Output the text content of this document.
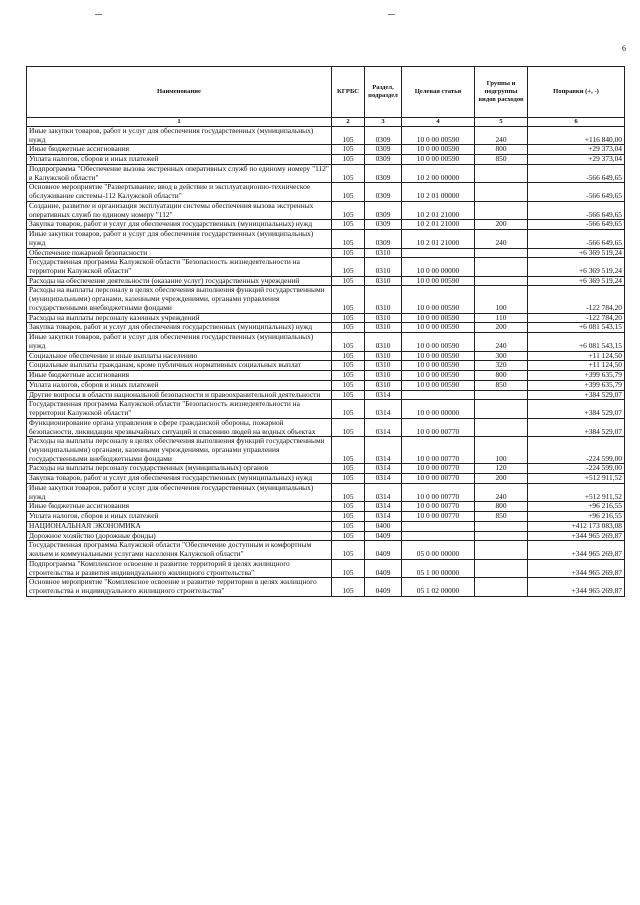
6
Наименование	КГРБС	Раздел, подраздел	Целевая статья	Группы и подгруппы видов расходов	Поправки (+, -)
1	2	3	4	5	6
Иные закупки товаров, работ и услуг для обеспечения государственных (муниципальных) нужд	105	0309	10 0 00 00590	240	+116 840,00
Иные бюджетные ассигнования	105	0309	10 0 00 00590	800	+29 373,04
Уплата налогов, сборов и иных платежей	105	0309	10 0 00 00590	850	+29 373,04
Подпрограмма "Обеспечение вызова экстренных оперативных служб по единому номеру "112" в Калужской области"	105	0309	10 2 00 00000		-566 649,65
Основное мероприятие "Развертывание, ввод в действие и эксплуатационно-техническое обслуживание системы-112 Калужской области"	105	0309	10 2 01 00000		-566 649,65
Создание, развитие и организация эксплуатации системы обеспечения вызова экстренных оперативных служб по единому номеру "112"	105	0309	10 2 01 21000		-566 649,65
Закупка товаров, работ и услуг для обеспечения государственных (муниципальных) нужд	105	0309	10 2 01 21000	200	-566 649,65
Иные закупки товаров, работ и услуг для обеспечения государственных (муниципальных) нужд	105	0309	10 2 01 21000	240	-566 649,65
Обеспечение пожарной безопасности	105	0310			+6 369 519,24
Государственная программа Калужской области "Безопасность жизнедеятельности на территории Калужской области"	105	0310	10 0 00 00000		+6 369 519,24
Расходы на обеспечение деятельности (оказание услуг) государственных учреждений	105	0310	10 0 00 00590		+6 369 519,24
Расходы на выплаты персоналу в целях обеспечения выполнения функций государственными (муниципальными) органами, казенными учреждениями, органами управления государственными внебюджетными фондами	105	0310	10 0 00 00590	100	-122 784,20
Расходы на выплаты персоналу казенных учреждений	105	0310	10 0 00 00590	110	-122 784,20
Закупка товаров, работ и услуг для обеспечения государственных (муниципальных) нужд	105	0310	10 0 00 00590	200	+6 081 543,15
Иные закупки товаров, работ и услуг для обеспечения государственных (муниципальных) нужд	105	0310	10 0 00 00590	240	+6 081 543,15
Социальное обеспечение и иные выплаты населению	105	0310	10 0 00 00590	300	+11 124,50
Социальные выплаты гражданам, кроме публичных нормативных социальных выплат	105	0310	10 0 00 00590	320	+11 124,50
Иные бюджетные ассигнования	105	0310	10 0 00 00590	800	+399 635,79
Уплата налогов, сборов и иных платежей	105	0310	10 0 00 00590	850	+399 635,79
Другие вопросы в области национальной безопасности и правоохранительной деятельности	105	0314			+384 529,07
Государственная программа Калужской области "Безопасность жизнедеятельности на территории Калужской области"	105	0314	10 0 00 00000		+384 529,07
Функционирование органа управления в сфере гражданской обороны, пожарной безопасности, ликвидации чрезвычайных ситуаций и спасению людей на водных объектах	105	0314	10 0 00 00770		+384 529,07
Расходы на выплаты персоналу в целях обеспечения выполнения функций государственными (муниципальными) органами, казенными учреждениями, органами управления государственными внебюджетными фондами	105	0314	10 0 00 00770	100	-224 599,00
Расходы на выплаты персоналу государственных (муниципальных) органов	105	0314	10 0 00 00770	120	-224 599,00
Закупка товаров, работ и услуг для обеспечения государственных (муниципальных) нужд	105	0314	10 0 00 00770	200	+512 911,52
Иные закупки товаров, работ и услуг для обеспечения государственных (муниципальных) нужд	105	0314	10 0 00 00770	240	+512 911,52
Иные бюджетные ассигнования	105	0314	10 0 00 00770	800	+96 216,55
Уплата налогов, сборов и иных платежей	105	0314	10 0 00 00770	850	+96 216,55
НАЦИОНАЛЬНАЯ ЭКОНОМИКА	105	0400			+412 173 083,08
Дорожное хозяйство (дорожные фонды)	105	0409			+344 965 269,87
Государственная программа Калужской области "Обеспечение доступным и комфортным жильем и коммунальными услугами населения Калужской области"	105	0409	05 0 00 00000		+344 965 269,87
Подпрограмма "Комплексное освоение и развитие территорий в целях жилищного строительства и развития индивидуального жилищного строительства"	105	0409	05 1 00 00000		+344 965 269,87
Основное мероприятие "Комплексное освоение и развитие территории в целях жилищного строительства и индивидуального жилищного строительства"	105	0409	05 1 02 00000		+344 965 269,87
